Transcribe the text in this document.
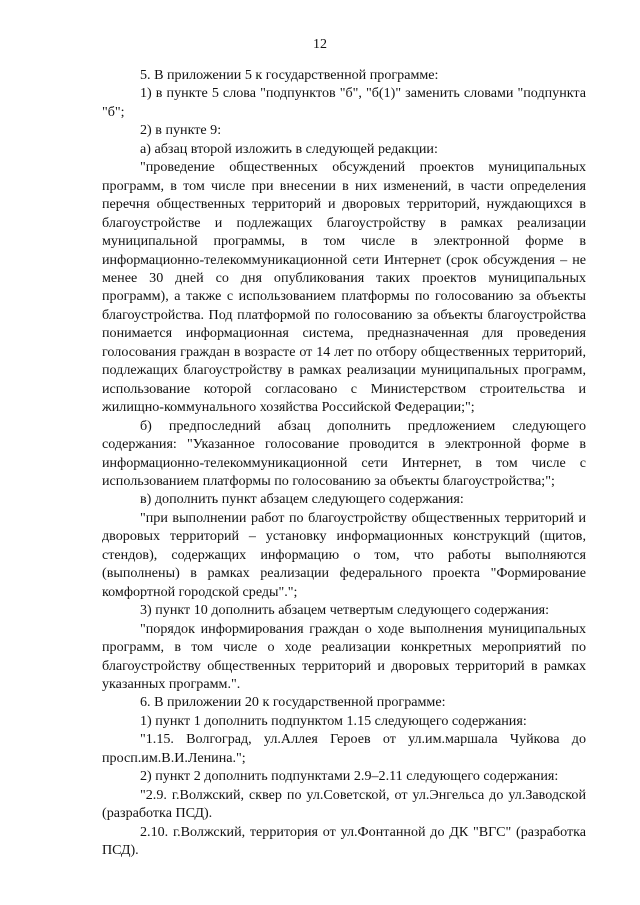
12

5. В приложении 5 к государственной программе:

1) в пункте 5 слова "подпунктов "б", "б(1)" заменить словами "подпункта "б";

2) в пункте 9:

а) абзац второй изложить в следующей редакции:

"проведение общественных обсуждений проектов муниципальных программ, в том числе при внесении в них изменений, в части определения перечня общественных территорий и дворовых территорий, нуждающихся в благоустройстве и подлежащих благоустройству в рамках реализации муниципальной программы, в том числе в электронной форме в информационно-телекоммуникационной сети Интернет (срок обсуждения – не менее 30 дней со дня опубликования таких проектов муниципальных программ), а также с использованием платформы по голосованию за объекты благоустройства. Под платформой по голосованию за объекты благоустройства понимается информационная система, предназначенная для проведения голосования граждан в возрасте от 14 лет по отбору общественных территорий, подлежащих благоустройству в рамках реализации муниципальных программ, использование которой согласовано с Министерством строительства и жилищно-коммунального хозяйства Российской Федерации;";

б) предпоследний абзац дополнить предложением следующего содержания: "Указанное голосование проводится в электронной форме в информационно-телекоммуникационной сети Интернет, в том числе с использованием платформы по голосованию за объекты благоустройства;";

в) дополнить пункт абзацем следующего содержания:

"при выполнении работ по благоустройству общественных территорий и дворовых территорий – установку информационных конструкций (щитов, стендов), содержащих информацию о том, что работы выполняются (выполнены) в рамках реализации федерального проекта "Формирование комфортной городской среды".";

3) пункт 10 дополнить абзацем четвертым следующего содержания:

"порядок информирования граждан о ходе выполнения муниципальных программ, в том числе о ходе реализации конкретных мероприятий по благоустройству общественных территорий и дворовых территорий в рамках указанных программ.".

6. В приложении 20 к государственной программе:

1) пункт 1 дополнить подпунктом 1.15 следующего содержания:

"1.15. Волгоград, ул.Аллея Героев от ул.им.маршала Чуйкова до просп.им.В.И.Ленина.";

2) пункт 2 дополнить подпунктами 2.9–2.11 следующего содержания:

"2.9. г.Волжский, сквер по ул.Советской, от ул.Энгельса до ул.Заводской (разработка ПСД).

2.10. г.Волжский, территория от ул.Фонтанной до ДК "ВГС" (разработка ПСД).
